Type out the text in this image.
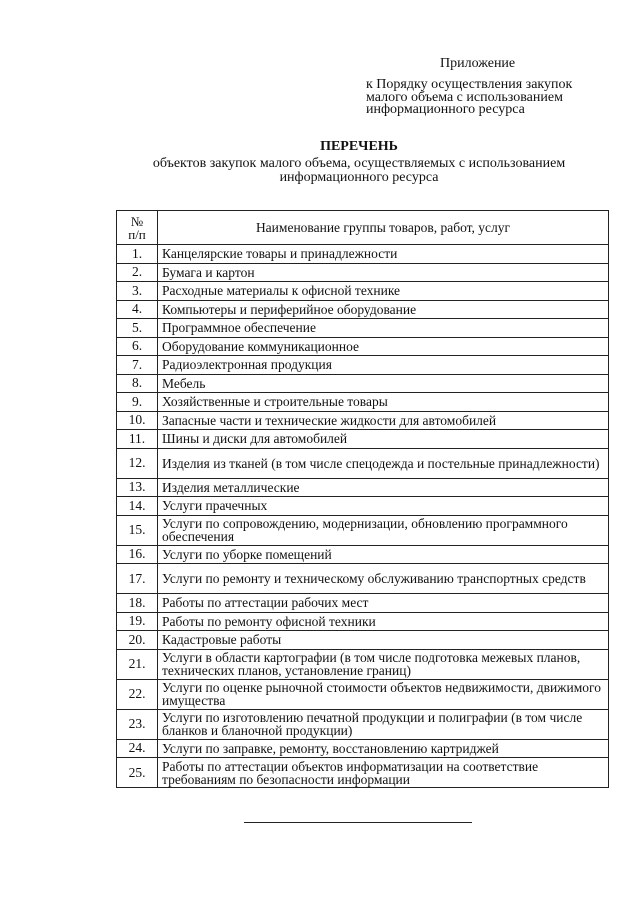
Приложение
к Порядку осуществления закупок
малого объема с использованием
информационного ресурса
ПЕРЕЧЕНЬ
объектов закупок малого объема, осуществляемых с использованием
информационного ресурса
№
п/п	Наименование группы товаров, работ, услуг
1.	Канцелярские товары и принадлежности
2.	Бумага и картон
3.	Расходные материалы к офисной технике
4.	Компьютеры и периферийное оборудование
5.	Программное обеспечение
6.	Оборудование коммуникационное
7.	Радиоэлектронная продукция
8.	Мебель
9.	Хозяйственные и строительные товары
10.	Запасные части и технические жидкости для автомобилей
11.	Шины и диски для автомобилей
12.	Изделия из тканей (в том числе спецодежда и постельные принадлежности)
13.	Изделия металлические
14.	Услуги прачечных
15.	Услуги по сопровождению, модернизации, обновлению программного обеспечения
16.	Услуги по уборке помещений
17.	Услуги по ремонту и техническому обслуживанию транспортных средств
18.	Работы по аттестации рабочих мест
19.	Работы по ремонту офисной техники
20.	Кадастровые работы
21.	Услуги в области картографии (в том числе подготовка межевых планов, технических планов, установление границ)
22.	Услуги по оценке рыночной стоимости объектов недвижимости, движимого имущества
23.	Услуги по изготовлению печатной продукции и полиграфии (в том числе бланков и бланочной продукции)
24.	Услуги по заправке, ремонту, восстановлению картриджей
25.	Работы по аттестации объектов информатизации на соответствие требованиям по безопасности информации
